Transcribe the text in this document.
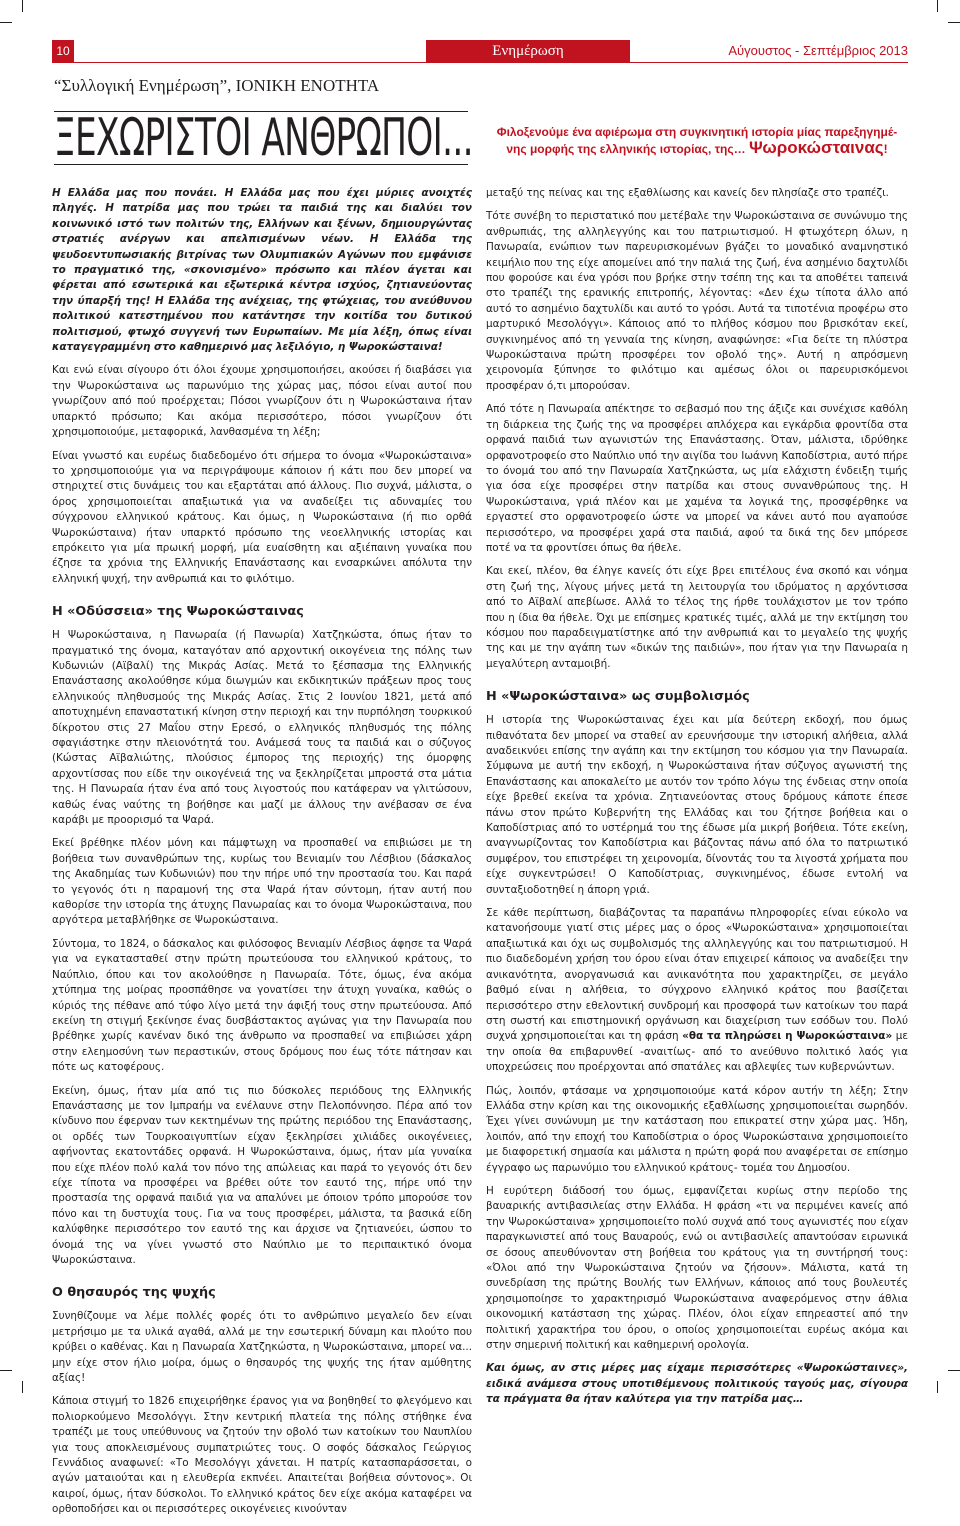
10	Ενημέρωση	Αύγουστος - Σεπτέμβριος 2013
“Συλλογική Ενημέρωση”, ΙΟΝΙΚΗ ΕΝΟΤΗΤΑ
ΞΕΧΩΡΙΣΤΟΙ ΑΝΘΡΩΠΟΙ...	Φιλοξενούμε ένα αφιέρωμα στη συγκινητική ιστορία μίας παρεξηγημέ-
νης μορφής της ελληνικής ιστορίας, της… Ψωροκώσταινας!

Η Ελλάδα μας που πονάει. Η Ελλάδα μας που έχει μύριες ανοιχτές πληγές. Η πατρίδα μας που τρώει τα παιδιά της και διαλύει τον κοινωνικό ιστό των πολιτών της, Ελλήνων και ξένων, δημιουργώντας στρατιές ανέργων και απελπισμένων νέων. Η Ελλάδα της ψευδοεντυπωσιακής βιτρίνας των Ολυμπιακών Αγώνων που εμφάνισε το πραγματικό της, «σκονισμένο» πρόσωπο και πλέον άγεται και φέρεται από εσωτερικά και εξωτερικά κέντρα ισχύος, ζητιανεύοντας την ύπαρξή της! Η Ελλάδα της ανέχειας, της φτώχειας, του ανεύθυνου πολιτικού κατεστημένου που κατάντησε την κοιτίδα του δυτικού πολιτισμού, φτωχό συγγενή των Ευρωπαίων. Με μία λέξη, όπως είναι καταγεγραμμένη στο καθημερινό μας λεξιλόγιο, η Ψωροκώσταινα!

Και ενώ είναι σίγουρο ότι όλοι έχουμε χρησιμοποιήσει, ακούσει ή διαβάσει για την Ψωροκώσταινα ως παρωνύμιο της χώρας μας, πόσοι είναι αυτοί που γνωρίζουν από πού προέρχεται; Πόσοι γνωρίζουν ότι η Ψωροκώσταινα ήταν υπαρκτό πρόσωπο; Και ακόμα περισσότερο, πόσοι γνωρίζουν ότι χρησιμοποιούμε, μεταφορικά, λανθασμένα τη λέξη;

Είναι γνωστό και ευρέως διαδεδομένο ότι σήμερα το όνομα «Ψωροκώσταινα» το χρησιμοποιούμε για να περιγράψουμε κάποιον ή κάτι που δεν μπορεί να στηριχτεί στις δυνάμεις του και εξαρτάται από άλλους. Πιο συχνά, μάλιστα, ο όρος χρησιμοποιείται απαξιωτικά για να αναδείξει τις αδυναμίες του σύγχρονου ελληνικού κράτους. Και όμως, η Ψωροκώσταινα (ή πιο ορθά Ψωροκώσταινα) ήταν υπαρκτό πρόσωπο της νεοελληνικής ιστορίας και επρόκειτο για μία πρωική μορφή, μία ευαίσθητη και αξιέπαινη γυναίκα που έζησε τα χρόνια της Ελληνικής Επανάστασης και ενσαρκώνει απόλυτα την ελληνική ψυχή, την ανθρωπιά και το φιλότιμο.

Η «Οδύσσεια» της Ψωροκώσταινας

Η Ψωροκώσταινα, η Πανωραία (ή Πανωρία) Χατζηκώστα, όπως ήταν το πραγματικό της όνομα, καταγόταν από αρχοντική οικογένεια της πόλης των Κυδωνιών (Αϊβαλί) της Μικράς Ασίας. Μετά το ξέσπασμα της Ελληνικής Επανάστασης ακολούθησε κύμα διωγμών και εκδικητικών πράξεων προς τους ελληνικούς πληθυσμούς της Μικράς Ασίας. Στις 2 Ιουνίου 1821, μετά από αποτυχημένη επαναστατική κίνηση στην περιοχή και την πυρπόληση τουρκικού δίκροτου στις 27 Μαΐου στην Ερεσό, ο ελληνικός πληθυσμός της πόλης σφαγιάστηκε στην πλειονότητά του. Ανάμεσά τους τα παιδιά και ο σύζυγος (Κώστας Αϊβαλιώτης, πλούσιος έμπορος της περιοχής) της όμορφης αρχοντίσσας που είδε την οικογένειά της να ξεκληρίζεται μπροστά στα μάτια της. Η Πανωραία ήταν ένα από τους λιγοστούς που κατάφεραν να γλιτώσουν, καθώς ένας ναύτης τη βοήθησε και μαζί με άλλους την ανέβασαν σε ένα καράβι με προορισμό τα Ψαρά.

Εκεί βρέθηκε πλέον μόνη και πάμφτωχη να προσπαθεί να επιβιώσει με τη βοήθεια των συνανθρώπων της, κυρίως του Βενιαμίν του Λέσβιου (δάσκαλος της Ακαδημίας των Κυδωνιών) που την πήρε υπό την προστασία του. Και παρά το γεγονός ότι η παραμονή της στα Ψαρά ήταν σύντομη, ήταν αυτή που καθορίσε την ιστορία της άτυχης Πανωραίας και το όνομα Ψωροκώσταινα, που αργότερα μεταβλήθηκε σε Ψωροκώσταινα.

Σύντομα, το 1824, ο δάσκαλος και φιλόσοφος Βενιαμίν Λέσβιος άφησε τα Ψαρά για να εγκατασταθεί στην πρώτη πρωτεύουσα του ελληνικού κράτους, το Ναύπλιο, όπου και τον ακολούθησε η Πανωραία. Τότε, όμως, ένα ακόμα χτύπημα της μοίρας προσπάθησε να γονατίσει την άτυχη γυναίκα, καθώς ο κύριός της πέθανε από τύφο λίγο μετά την άφιξή τους στην πρωτεύουσα. Από εκείνη τη στιγμή ξεκίνησε ένας δυσβάστακτος αγώνας για την Πανωραία που βρέθηκε χωρίς κανέναν δικό της άνθρωπο να προσπαθεί να επιβιώσει χάρη στην ελεημοσύνη των περαστικών, στους δρόμους που έως τότε πάτησαν και πότε ως κατοφέρους.

Εκείνη, όμως, ήταν μία από τις πιο δύσκολες περιόδους της Ελληνικής Επανάστασης με τον Ιμπραήμ να ενέλαυνε στην Πελοπόννησο. Πέρα από τον κίνδυνο που έφερναν των κεκτημένων της πρώτης περιόδου της Επανάστασης, οι ορδές των Τουρκοαιγυπτίων είχαν ξεκληρίσει χιλιάδες οικογένειες, αφήνοντας εκατοντάδες ορφανά. Η Ψωροκώσταινα, όμως, ήταν μία γυναίκα που είχε πλέον πολύ καλά τον πόνο της απώλειας και παρά το γεγονός ότι δεν είχε τίποτα να προσφέρει να βρέθει ούτε τον εαυτό της, πήρε υπό την προστασία της ορφανά παιδιά για να απαλύνει με όποιον τρόπο μπορούσε τον πόνο και τη δυστυχία τους. Για να τους προσφέρει, μάλιστα, τα βασικά είδη καλύφθηκε περισσότερο τον εαυτό της και άρχισε να ζητιανεύει, ώσπου το όνομά της να γίνει γνωστό στο Ναύπλιο με το περιπαικτικό όνομα Ψωροκώσταινα.

Ο θησαυρός της ψυχής

Συνηθίζουμε να λέμε πολλές φορές ότι το ανθρώπινο μεγαλείο δεν είναι μετρήσιμο με τα υλικά αγαθά, αλλά με την εσωτερική δύναμη και πλούτο που κρύβει ο καθένας. Και η Πανωραία Χατζηκώστα, η Ψωροκώσταινα, μπορεί να... μην είχε στον ήλιο μοίρα, όμως ο θησαυρός της ψυχής της ήταν αμύθητης αξίας!

Κάποια στιγμή το 1826 επιχειρήθηκε έρανος για να βοηθηθεί το φλεγόμενο και πολιορκούμενο Μεσολόγγι. Στην κεντρική πλατεία της πόλης στήθηκε ένα τραπέζι με τους υπεύθυνους να ζητούν την οβολό των κατοίκων του Ναυπλίου για τους αποκλεισμένους συμπατριώτες τους. Ο σοφός δάσκαλος Γεώργιος Γεννάδιος αναφωνεί: «Το Μεσολόγγι χάνεται. Η πατρίς κατασπαράσσεται, ο αγών ματαιούται και η ελευθερία εκπνέει. Απαιτείται βοήθεια σύντονος». Οι καιροί, όμως, ήταν δύσκολοι. Το ελληνικό κράτος δεν είχε ακόμα καταφέρει να ορθοποδήσει και οι περισσότερες οικογένειες κινούνταν

μεταξύ της πείνας και της εξαθλίωσης και κανείς δεν πλησίαζε στο τραπέζι.

Τότε συνέβη το περιστατικό που μετέβαλε την Ψωροκώσταινα σε συνώνυμο της ανθρωπιάς, της αλληλεγγύης και του πατριωτισμού. Η φτωχότερη όλων, η Πανωραία, ενώπιον των παρευρισκομένων βγάζει το μοναδικό αναμνηστικό κειμήλιο που της είχε απομείνει από την παλιά της ζωή, ένα ασημένιο δαχτυλίδι που φορούσε και ένα γρόσι που βρήκε στην τσέπη της και τα αποθέτει ταπεινά στο τραπέζι της ερανικής επιτροπής, λέγοντας: «Δεν έχω τίποτα άλλο από αυτό το ασημένιο δαχτυλίδι και αυτό το γρόσι. Αυτά τα τιποτένια προφέρω στο μαρτυρικό Μεσολόγγι». Κάποιος από το πλήθος κόσμου που βρισκόταν εκεί, συγκινημένος από τη γενναία της κίνηση, αναφώνησε: «Για δείτε τη πλύστρα Ψωροκώσταινα πρώτη προσφέρει τον οβολό της». Αυτή η απρόσμενη χειρονομία ξύπνησε το φιλότιμο και αμέσως όλοι οι παρευρισκόμενοι προσφέραν ό,τι μπορούσαν.

Από τότε η Πανωραία απέκτησε το σεβασμό που της άξιζε και συνέχισε καθόλη τη διάρκεια της ζωής της να προσφέρει απλόχερα και εγκάρδια φροντίδα στα ορφανά παιδιά των αγωνιστών της Επανάστασης. Όταν, μάλιστα, ιδρύθηκε ορφανοτροφείο στο Ναύπλιο υπό την αιγίδα του Ιωάννη Καποδίστρια, αυτό πήρε το όνομά του από την Πανωραία Χατζηκώστα, ως μία ελάχιστη ένδειξη τιμής για όσα είχε προσφέρει στην πατρίδα και στους συνανθρώπους της. Η Ψωροκώσταινα, γριά πλέον και με χαμένα τα λογικά της, προσφέρθηκε να εργαστεί στο ορφανοτροφείο ώστε να μπορεί να κάνει αυτό που αγαπούσε περισσότερο, να προσφέρει χαρά στα παιδιά, αφού τα δικά της δεν μπόρεσε ποτέ να τα φροντίσει όπως θα ήθελε.

Και εκεί, πλέον, θα έληγε κανείς ότι είχε βρει επιτέλους ένα σκοπό και νόημα στη ζωή της, λίγους μήνες μετά τη λειτουργία του ιδρύματος η αρχόντισσα από το Αϊβαλί απεβίωσε. Αλλά το τέλος της ήρθε τουλάχιστον με τον τρόπο που η ίδια θα ήθελε. Όχι με επίσημες κρατικές τιμές, αλλά με την εκτίμηση του κόσμου που παραδειγματίστηκε από την ανθρωπιά και το μεγαλείο της ψυχής της και με την αγάπη των «δικών της παιδιών», που ήταν για την Πανωραία η μεγαλύτερη ανταμοιβή.

Η «Ψωροκώσταινα» ως συμβολισμός

Η ιστορία της Ψωροκώσταινας έχει και μία δεύτερη εκδοχή, που όμως πιθανότατα δεν μπορεί να σταθεί αν ερευνήσουμε την ιστορική αλήθεια, αλλά αναδεικνύει επίσης την αγάπη και την εκτίμηση του κόσμου για την Πανωραία. Σύμφωνα με αυτή την εκδοχή, η Ψωροκώσταινα ήταν σύζυγος αγωνιστή της Επανάστασης και αποκαλείτο με αυτόν τον τρόπο λόγω της ένδειας στην οποία είχε βρεθεί εκείνα τα χρόνια. Ζητιανεύοντας στους δρόμους κάποτε έπεσε πάνω στον πρώτο Κυβερνήτη της Ελλάδας και του ζήτησε βοήθεια και ο Καποδίστριας από το υστέρημά του της έδωσε μία μικρή βοήθεια. Τότε εκείνη, αναγνωρίζοντας τον Καποδίστρια και βάζοντας πάνω από όλα το πατριωτικό συμφέρον, του επιστρέφει τη χειρονομία, δίνοντάς του τα λιγοστά χρήματα που είχε συγκεντρώσει! Ο Καποδίστριας, συγκινημένος, έδωσε εντολή να συνταξιοδοτηθεί η άπορη γριά.

Σε κάθε περίπτωση, διαβάζοντας τα παραπάνω πληροφορίες είναι εύκολο να κατανοήσουμε γιατί στις μέρες μας ο όρος «Ψωροκώσταινα» χρησιμοποιείται απαξιωτικά και όχι ως συμβολισμός της αλληλεγγύης και του πατριωτισμού. Η πιο διαδεδομένη χρήση του όρου είναι όταν επιχειρεί κάποιος να αναδείξει την ανικανότητα, ανοργανωσιά και ανικανότητα που χαρακτηρίζει, σε μεγάλο βαθμό είναι η αλήθεια, το σύγχρονο ελληνικό κράτος που βασίζεται περισσότερο στην εθελοντική συνδρομή και προσφορά των κατοίκων του παρά στη σωστή και επιστημονική οργάνωση και διαχείριση των εσόδων του. Πολύ συχνά χρησιμοποιείται και τη φράση «θα τα πληρώσει η Ψωροκώσταινα» με την οποία θα επιβαρυνθεί -αναιτίως- από το ανεύθυνο πολιτικό λαός για υποχρεώσεις που προέρχονται από σπατάλες και αβλεψίες των κυβερνώντων.

Πώς, λοιπόν, φτάσαμε να χρησιμοποιούμε κατά κόρον αυτήν τη λέξη; Στην Ελλάδα στην κρίση και της οικονομικής εξαθλίωσης χρησιμοποιείται σωρηδόν. Έχει γίνει συνώνυμη με την κατάσταση που επικρατεί στην χώρα μας. Ήδη, λοιπόν, από την εποχή του Καποδίστρια ο όρος Ψωροκώσταινα χρησιμοποιείτο με διαφορετική σημασία και μάλιστα η πρώτη φορά που αναφέρεται σε επίσημο έγγραφο ως παρωνύμιο του ελληνικού κράτους- τομέα του Δημοσίου.

Η ευρύτερη διάδοσή του όμως, εμφανίζεται κυρίως στην περίοδο της βαυαρικής αντιβασιλείας στην Ελλάδα. Η φράση «τι να περιμένει κανείς από την Ψωροκώσταινα» χρησιμοποιείτο πολύ συχνά από τους αγωνιστές που είχαν παραγκωνιστεί από τους Βαυαρούς, ενώ οι αντιβασιλείς απαντούσαν ειρωνικά σε όσους απευθύνονταν στη βοήθεια του κράτους για τη συντήρησή τους: «Όλοι από την Ψωροκώσταινα ζητούν να ζήσουν». Μάλιστα, κατά τη συνεδρίαση της πρώτης Βουλής των Ελλήνων, κάποιος από τους βουλευτές χρησιμοποίησε το χαρακτηρισμό Ψωροκώσταινα αναφερόμενος στην άθλια οικονομική κατάσταση της χώρας. Πλέον, όλοι είχαν επηρεαστεί από την πολιτική χαρακτήρα του όρου, ο οποίος χρησιμοποιείται ευρέως ακόμα και στην σημερινή πολιτική και καθημερινή ορολογία.

Και όμως, αν στις μέρες μας είχαμε περισσότερες «Ψωροκώσταινες», ειδικά ανάμεσα στους υποτιθέμενους πολιτικούς ταγούς μας, σίγουρα τα πράγματα θα ήταν καλύτερα για την πατρίδα μας…
